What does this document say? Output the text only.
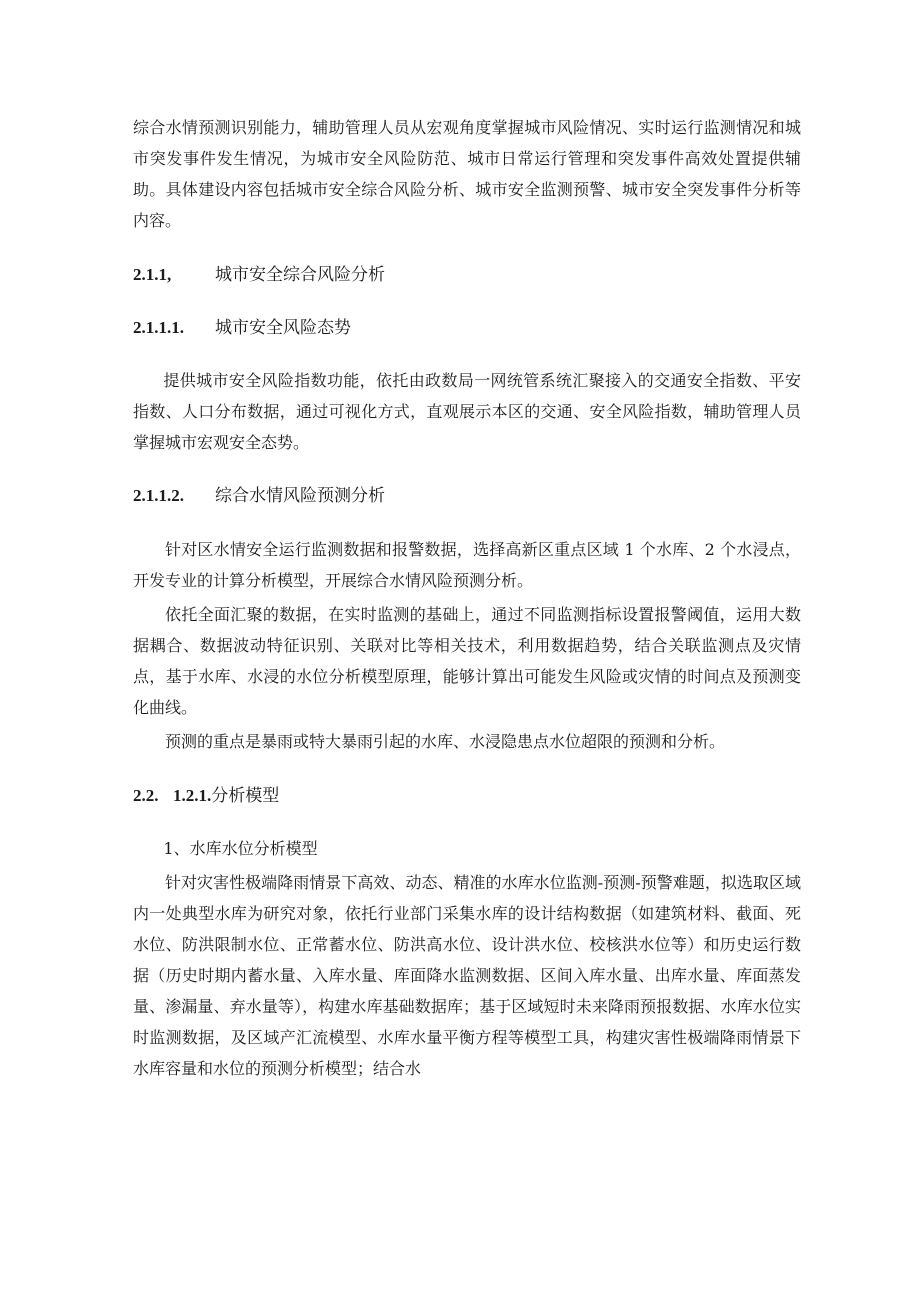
综合水情预测识别能力，辅助管理人员从宏观角度掌握城市风险情况、实时运行监测情况和城市突发事件发生情况，为城市安全风险防范、城市日常运行管理和突发事件高效处置提供辅助。具体建设内容包括城市安全综合风险分析、城市安全监测预警、城市安全突发事件分析等内容。

2.1.1,	城市安全综合风险分析
2.1.1.1. 城市安全风险态势

提供城市安全风险指数功能，依托由政数局一网统管系统汇聚接入的交通安全指数、平安指数、人口分布数据，通过可视化方式，直观展示本区的交通、安全风险指数，辅助管理人员掌握城市宏观安全态势。

2.1.1.2. 综合水情风险预测分析

针对区水情安全运行监测数据和报警数据，选择高新区重点区域 1 个水库、2 个水浸点，开发专业的计算分析模型，开展综合水情风险预测分析。

依托全面汇聚的数据，在实时监测的基础上，通过不同监测指标设置报警阈值，运用大数据耦合、数据波动特征识别、关联对比等相关技术，利用数据趋势，结合关联监测点及灾情点，基于水库、水浸的水位分析模型原理，能够计算出可能发生风险或灾情的时间点及预测变化曲线。

预测的重点是暴雨或特大暴雨引起的水库、水浸隐患点水位超限的预测和分析。

2.2. 1.2.1.分析模型

1、水库水位分析模型

针对灾害性极端降雨情景下高效、动态、精准的水库水位监测-预测-预警难题，拟选取区域内一处典型水库为研究对象，依托行业部门采集水库的设计结构数据（如建筑材料、截面、死水位、防洪限制水位、正常蓄水位、防洪高水位、设计洪水位、校核洪水位等）和历史运行数据（历史时期内蓄水量、入库水量、库面降水监测数据、区间入库水量、出库水量、库面蒸发量、渗漏量、弃水量等），构建水库基础数据库；基于区域短时未来降雨预报数据、水库水位实时监测数据，及区域产汇流模型、水库水量平衡方程等模型工具，构建灾害性极端降雨情景下水库容量和水位的预测分析模型；结合水
